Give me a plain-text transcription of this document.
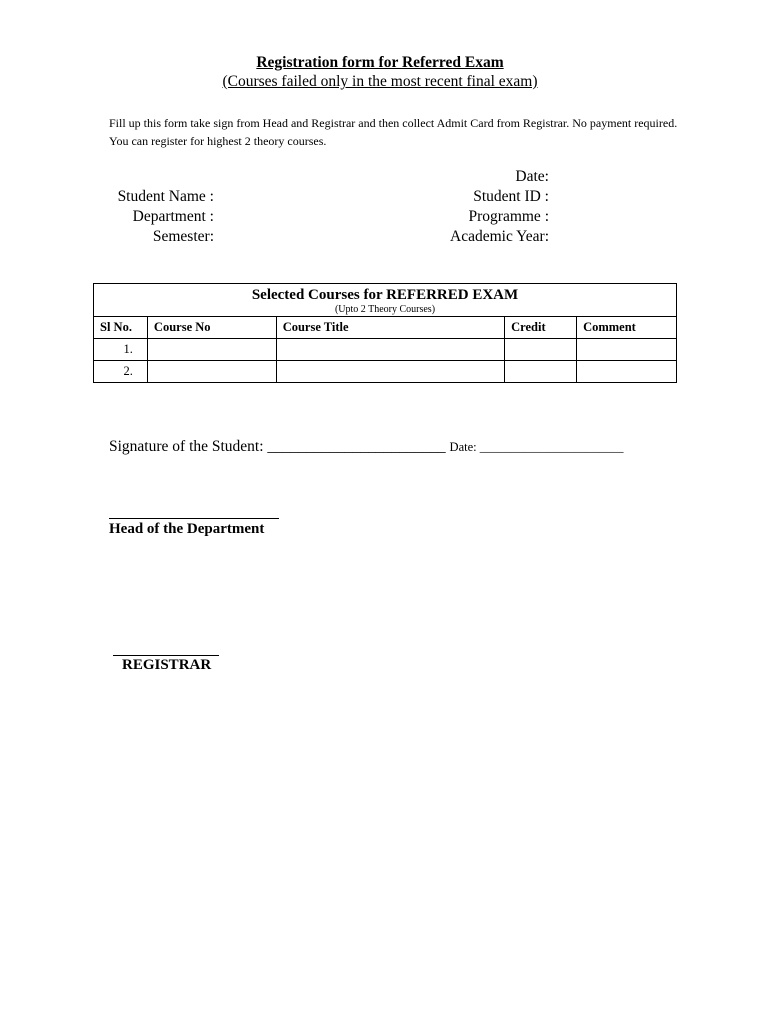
Registration form for Referred Exam
(Courses failed only in the most recent final exam)
Fill up this form take sign from Head and Registrar and then collect Admit Card from Registrar. No payment required. You can register for highest 2 theory courses.
Date:
Student Name :	Student ID :
Department :	Programme :
Semester:	Academic Year:
Selected Courses for REFERRED EXAM
(Upto 2 Theory Courses)				

Sl No.	Course No	Course Title	Credit	Comment
1.				
2.				
Signature of the Student: _______________________ Date: _______________________
Head of the Department
REGISTRAR
